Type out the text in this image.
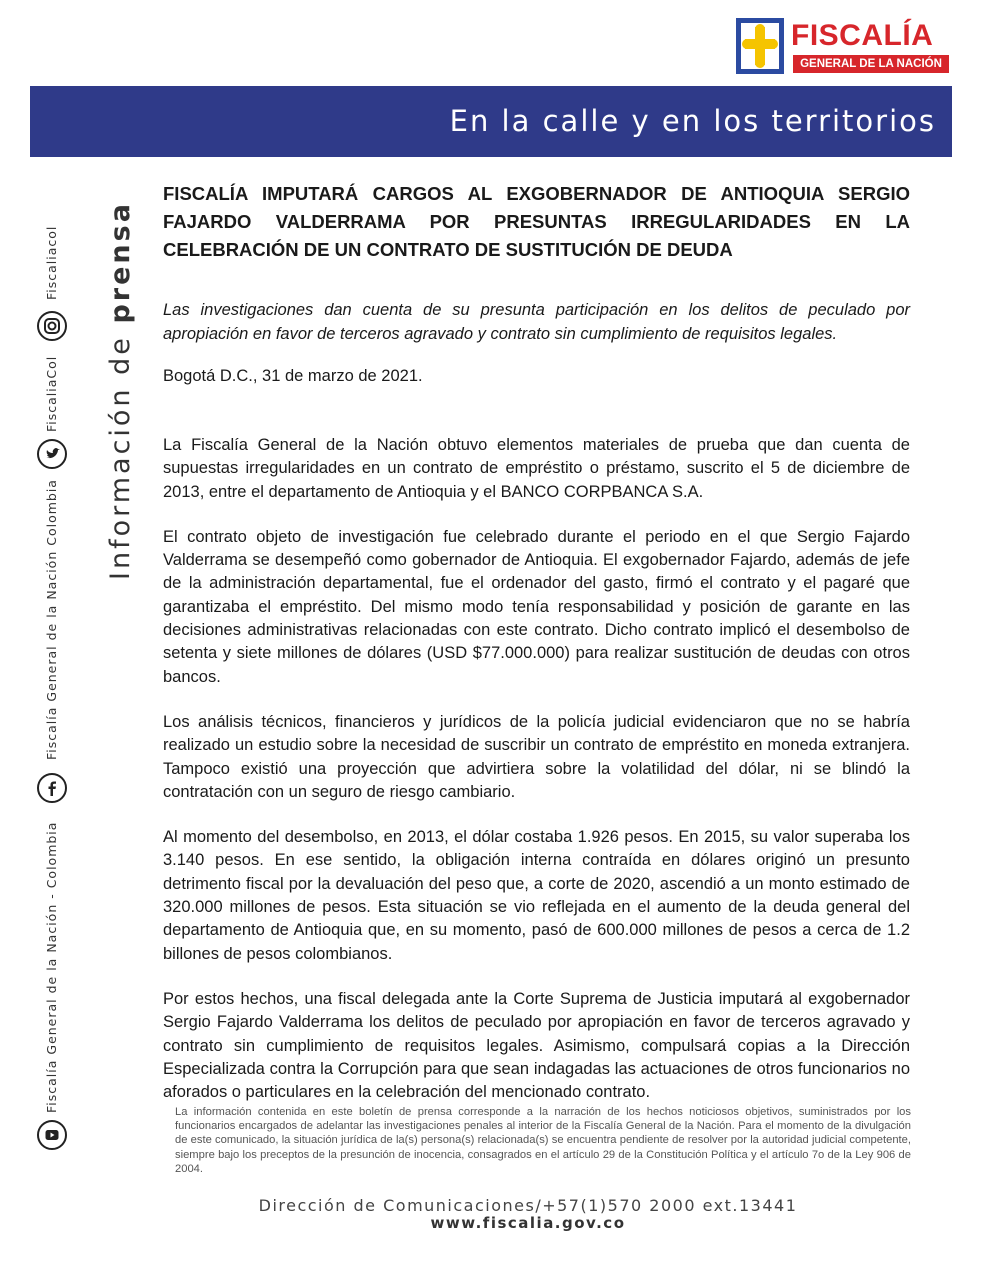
FISCALÍA
GENERAL DE LA NACIÓN
En la calle y en los territorios
Fiscaliacol
FiscaliaCol
Fiscalía General de la Nación Colombia
Fiscalía General de la Nación - Colombia
Información de prensa
FISCALÍA IMPUTARÁ CARGOS AL EXGOBERNADOR DE ANTIOQUIA SERGIO FAJARDO VALDERRAMA POR PRESUNTAS IRREGULARIDADES EN LA CELEBRACIÓN DE UN CONTRATO DE SUSTITUCIÓN DE DEUDA

Las investigaciones dan cuenta de su presunta participación en los delitos de peculado por apropiación en favor de terceros agravado y contrato sin cumplimiento de requisitos legales.

Bogotá D.C., 31 de marzo de 2021.

La Fiscalía General de la Nación obtuvo elementos materiales de prueba que dan cuenta de supuestas irregularidades en un contrato de empréstito o préstamo, suscrito el 5 de diciembre de 2013, entre el departamento de Antioquia y el BANCO CORPBANCA S.A.

El contrato objeto de investigación fue celebrado durante el periodo en el que Sergio Fajardo Valderrama se desempeñó como gobernador de Antioquia. El exgobernador Fajardo, además de jefe de la administración departamental, fue el ordenador del gasto, firmó el contrato y el pagaré que garantizaba el empréstito. Del mismo modo tenía responsabilidad y posición de garante en las decisiones administrativas relacionadas con este contrato. Dicho contrato implicó el desembolso de setenta y siete millones de dólares (USD $77.000.000) para realizar sustitución de deudas con otros bancos.

Los análisis técnicos, financieros y jurídicos de la policía judicial evidenciaron que no se habría realizado un estudio sobre la necesidad de suscribir un contrato de empréstito en moneda extranjera. Tampoco existió una proyección que advirtiera sobre la volatilidad del dólar, ni se blindó la contratación con un seguro de riesgo cambiario.

Al momento del desembolso, en 2013, el dólar costaba 1.926 pesos. En 2015, su valor superaba los 3.140 pesos. En ese sentido, la obligación interna contraída en dólares originó un presunto detrimento fiscal por la devaluación del peso que, a corte de 2020, ascendió a un monto estimado de 320.000 millones de pesos. Esta situación se vio reflejada en el aumento de la deuda general del departamento de Antioquia que, en su momento, pasó de 600.000 millones de pesos a cerca de 1.2 billones de pesos colombianos.

Por estos hechos, una fiscal delegada ante la Corte Suprema de Justicia imputará al exgobernador Sergio Fajardo Valderrama los delitos de peculado por apropiación en favor de terceros agravado y contrato sin cumplimiento de requisitos legales. Asimismo, compulsará copias a la Dirección Especializada contra la Corrupción para que sean indagadas las actuaciones de otros funcionarios no aforados o particulares en la celebración del mencionado contrato.

La información contenida en este boletín de prensa corresponde a la narración de los hechos noticiosos objetivos, suministrados por los funcionarios encargados de adelantar las investigaciones penales al interior de la Fiscalía General de la Nación. Para el momento de la divulgación de este comunicado, la situación jurídica de la(s) persona(s) relacionada(s) se encuentra pendiente de resolver por la autoridad judicial competente, siempre bajo los preceptos de la presunción de inocencia, consagrados en el artículo 29 de la Constitución Política y el artículo 7o de la Ley 906 de 2004.

Dirección de Comunicaciones/+57(1)570 2000 ext.13441
www.fiscalia.gov.co
